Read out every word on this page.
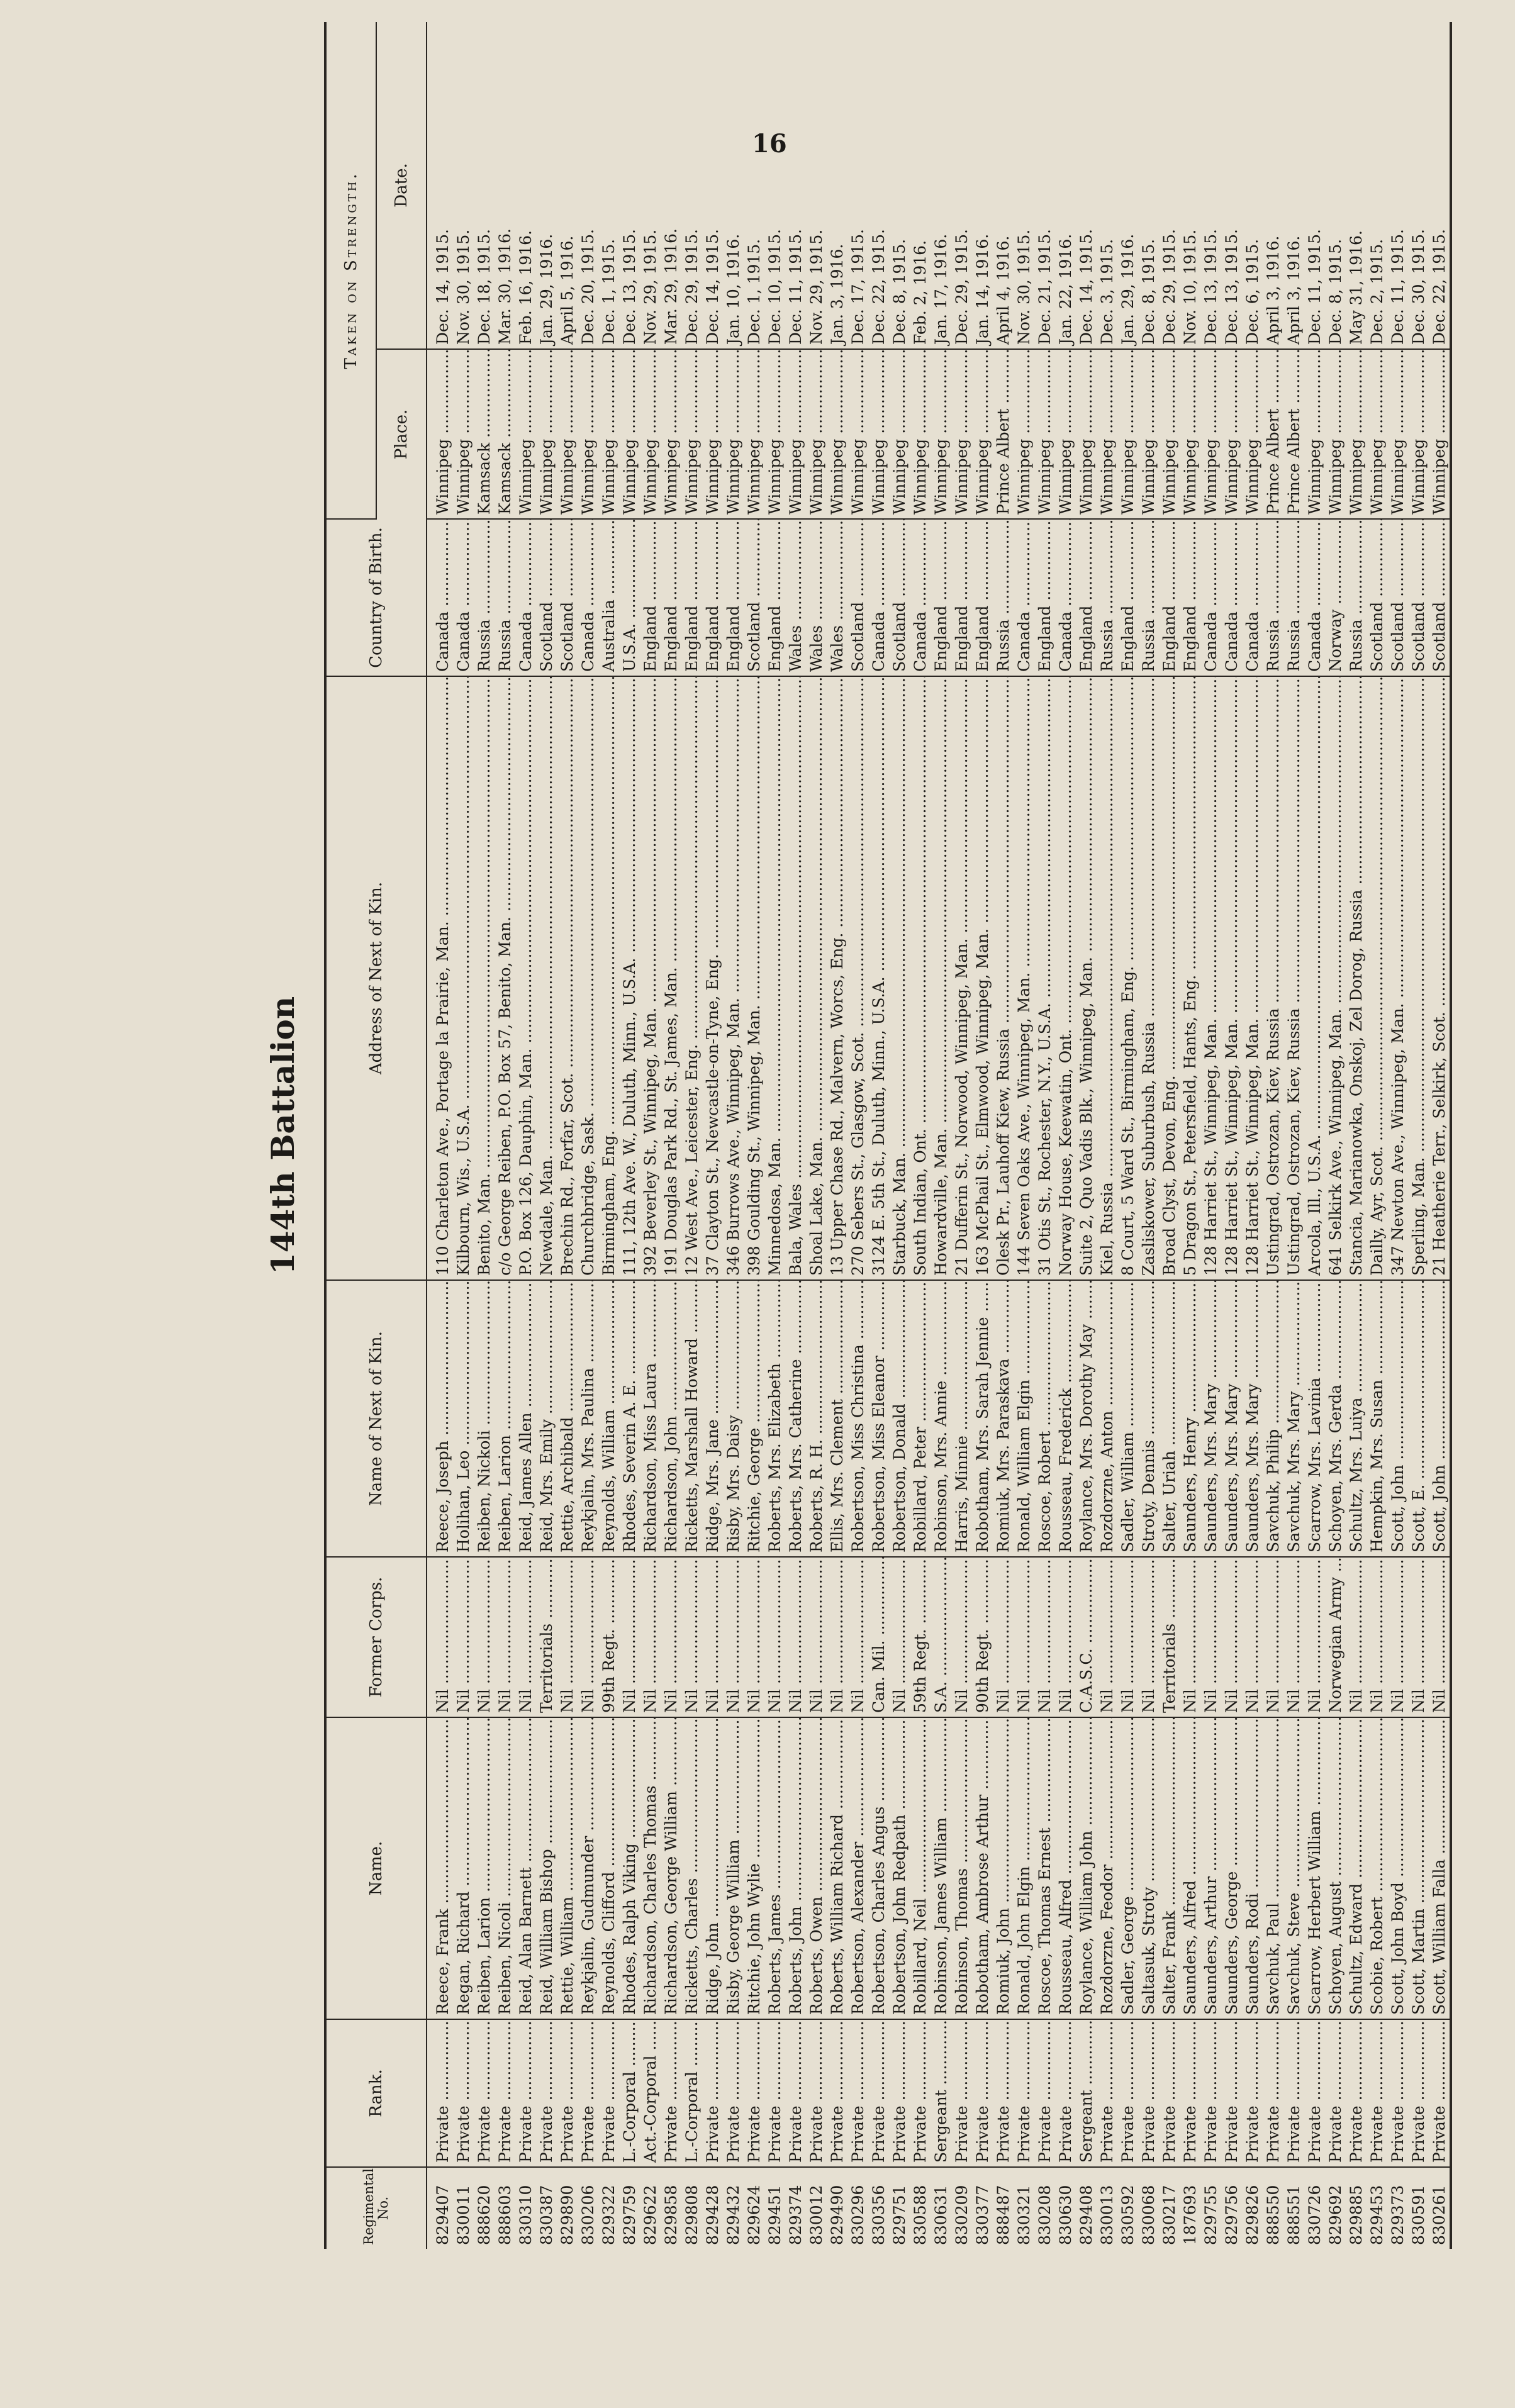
16
144th Battalion
Regimental No.	Rank.	Name.	Former Corps.	Name of Next of Kin.	Address of Next of Kin.	Country of Birth.	Taken on Strength.	
							Place.	Date.
829407	Private .....	Reece, Frank .....	Nil .....	Reece, Joseph .....	110 Charleton Ave., Portage la Prairie, Man. .....	Canada .....	Winnipeg .....	Dec. 14, 1915.
830011	Private .....	Regan, Richard .....	Nil .....	Holihan, Leo .....	Kilbourn, Wis., U.S.A. .....	Canada .....	Winnipeg .....	Nov. 30, 1915.
888620	Private .....	Reiben, Larion .....	Nil .....	Reiben, Nickoli .....	Benito, Man. .....	Russia .....	Kamsack .....	Dec. 18, 1915.
888603	Private .....	Reiben, Nicoli .....	Nil .....	Reiben, Larion .....	c/o George Reiben, P.O. Box 57, Benito, Man. .....	Russia .....	Kamsack .....	Mar. 30, 1916.
830310	Private .....	Reid, Alan Barnett .....	Nil .....	Reid, James Allen .....	P.O. Box 126, Dauphin, Man. .....	Canada .....	Winnipeg .....	Feb. 16, 1916.
830387	Private .....	Reid, William Bishop .....	Territorials .....	Reid, Mrs. Emily .....	Newdale, Man. .....	Scotland .....	Winnipeg .....	Jan. 29, 1916.
829890	Private .....	Rettie, William .....	Nil .....	Rettie, Archibald .....	Brechin Rd., Forfar, Scot. .....	Scotland .....	Winnipeg .....	April 5, 1916.
830206	Private .....	Reykjalin, Gudmunder .....	Nil .....	Reykjalin, Mrs. Paulina .....	Churchbridge, Sask. .....	Canada .....	Winnipeg .....	Dec. 20, 1915.
829322	Private .....	Reynolds, Clifford .....	99th Regt. .....	Reynolds, William .....	Birmingham, Eng. .....	Australia .....	Winnipeg .....	Dec. 1, 1915.
829759	L.-Corporal .....	Rhodes, Ralph Viking .....	Nil .....	Rhodes, Severin A. E. .....	111, 12th Ave. W., Duluth, Minn., U.S.A. .....	U.S.A. .....	Winnipeg .....	Dec. 13, 1915.
829622	Act.-Corporal .....	Richardson, Charles Thomas .....	Nil .....	Richardson, Miss Laura .....	392 Beverley St., Winnipeg, Man. .....	England .....	Winnipeg .....	Nov. 29, 1915.
829858	Private .....	Richardson, George William .....	Nil .....	Richardson, John .....	191 Douglas Park Rd., St. James, Man. .....	England .....	Winnipeg .....	Mar. 29, 1916.
829808	L.-Corporal .....	Ricketts, Charles .....	Nil .....	Ricketts, Marshall Howard .....	12 West Ave., Leicester, Eng. .....	England .....	Winnipeg .....	Dec. 29, 1915.
829428	Private .....	Ridge, John .....	Nil .....	Ridge, Mrs. Jane .....	37 Clayton St., Newcastle-on-Tyne, Eng. .....	England .....	Winnipeg .....	Dec. 14, 1915.
829432	Private .....	Risby, George William .....	Nil .....	Risby, Mrs. Daisy .....	346 Burrows Ave., Winnipeg, Man. .....	England .....	Winnipeg .....	Jan. 10, 1916.
829624	Private .....	Ritchie, John Wylie .....	Nil .....	Ritchie, George .....	398 Goulding St., Winnipeg, Man. .....	Scotland .....	Winnipeg .....	Dec. 1, 1915.
829451	Private .....	Roberts, James .....	Nil .....	Roberts, Mrs. Elizabeth .....	Minnedosa, Man. .....	England .....	Winnipeg .....	Dec. 10, 1915.
829374	Private .....	Roberts, John .....	Nil .....	Roberts, Mrs. Catherine .....	Bala, Wales .....	Wales .....	Winnipeg .....	Dec. 11, 1915.
830012	Private .....	Roberts, Owen .....	Nil .....	Roberts, R. H. .....	Shoal Lake, Man. .....	Wales .....	Winnipeg .....	Nov. 29, 1915.
829490	Private .....	Roberts, William Richard .....	Nil .....	Ellis, Mrs. Clement .....	13 Upper Chase Rd., Malvern, Worcs, Eng. .....	Wales .....	Winnipeg .....	Jan. 3, 1916.
830296	Private .....	Robertson, Alexander .....	Nil .....	Robertson, Miss Christina .....	270 Sebers St., Glasgow, Scot. .....	Scotland .....	Winnipeg .....	Dec. 17, 1915.
830356	Private .....	Robertson, Charles Angus .....	Can. Mil. .....	Robertson, Miss Eleanor .....	3124 E. 5th St., Duluth, Minn., U.S.A. .....	Canada .....	Winnipeg .....	Dec. 22, 1915.
829751	Private .....	Robertson, John Redpath .....	Nil .....	Robertson, Donald .....	Starbuck, Man. .....	Scotland .....	Winnipeg .....	Dec. 8, 1915.
830588	Private .....	Robillard, Neil .....	59th Regt. .....	Robillard, Peter .....	South Indian, Ont. .....	Canada .....	Winnipeg .....	Feb. 2, 1916.
830631	Sergeant .....	Robinson, James William .....	S.A. .....	Robinson, Mrs. Annie .....	Howardville, Man. .....	England .....	Winnipeg .....	Jan. 17, 1916.
830209	Private .....	Robinson, Thomas .....	Nil .....	Harris, Minnie .....	21 Dufferin St., Norwood, Winnipeg, Man. .....	England .....	Winnipeg .....	Dec. 29, 1915.
830377	Private .....	Robotham, Ambrose Arthur .....	90th Regt. .....	Robotham, Mrs. Sarah Jennie .....	163 McPhail St., Elmwood, Winnipeg, Man. .....	England .....	Winnipeg .....	Jan. 14, 1916.
888487	Private .....	Romiuk, John .....	Nil .....	Romiuk, Mrs. Paraskava .....	Olesk Pr., Lauhoff Kiew, Russia .....	Russia .....	Prince Albert .....	April 4, 1916.
830321	Private .....	Ronald, John Elgin .....	Nil .....	Ronald, William Elgin .....	144 Seven Oaks Ave., Winnipeg, Man. .....	Canada .....	Winnipeg .....	Nov. 30, 1915.
830208	Private .....	Roscoe, Thomas Ernest .....	Nil .....	Roscoe, Robert .....	31 Otis St., Rochester, N.Y., U.S.A. .....	England .....	Winnipeg .....	Dec. 21, 1915.
830630	Private .....	Rousseau, Alfred .....	Nil .....	Rousseau, Frederick .....	Norway House, Keewatin, Ont. .....	Canada .....	Winnipeg .....	Jan. 22, 1916.
829408	Sergeant .....	Roylance, William John .....	C.A.S.C. .....	Roylance, Mrs. Dorothy May .....	Suite 2, Quo Vadis Blk., Winnipeg, Man. .....	England .....	Winnipeg .....	Dec. 14, 1915.
830013	Private .....	Rozdorzne, Feodor .....	Nil .....	Rozdorzne, Anton .....	Kiel, Russia .....	Russia .....	Winnipeg .....	Dec. 3, 1915.
830592	Private .....	Sadler, George .....	Nil .....	Sadler, William .....	8 Court, 5 Ward St., Birmingham, Eng. .....	England .....	Winnipeg .....	Jan. 29, 1916.
830068	Private .....	Saltasuk, Stroty .....	Nil .....	Stroty, Dennis .....	Zasliskower, Suburbush, Russia .....	Russia .....	Winnipeg .....	Dec. 8, 1915.
830217	Private .....	Salter, Frank .....	Territorials .....	Salter, Uriah .....	Broad Clyst, Devon, Eng. .....	England .....	Winnipeg .....	Dec. 29, 1915.
187693	Private .....	Saunders, Alfred .....	Nil .....	Saunders, Henry .....	5 Dragon St., Petersfield, Hants, Eng. .....	England .....	Winnipeg .....	Nov. 10, 1915.
829755	Private .....	Saunders, Arthur .....	Nil .....	Saunders, Mrs. Mary .....	128 Harriet St., Winnipeg, Man. .....	Canada .....	Winnipeg .....	Dec. 13, 1915.
829756	Private .....	Saunders, George .....	Nil .....	Saunders, Mrs. Mary .....	128 Harriet St., Winnipeg, Man. .....	Canada .....	Winnipeg .....	Dec. 13, 1915.
829826	Private .....	Saunders, Rodi .....	Nil .....	Saunders, Mrs. Mary .....	128 Harriet St., Winnipeg, Man. .....	Canada .....	Winnipeg .....	Dec. 6, 1915.
888550	Private .....	Savchuk, Paul .....	Nil .....	Savchuk, Philip .....	Ustingrad, Ostrozan, Kiev, Russia .....	Russia .....	Prince Albert .....	April 3, 1916.
888551	Private .....	Savchuk, Steve .....	Nil .....	Savchuk, Mrs. Mary .....	Ustingrad, Ostrozan, Kiev, Russia .....	Russia .....	Prince Albert .....	April 3, 1916.
830726	Private .....	Scarrow, Herbert William .....	Nil .....	Scarrow, Mrs. Lavinia .....	Arcola, Ill., U.S.A. .....	Canada .....	Winnipeg .....	Dec. 11, 1915.
829692	Private .....	Schoyen, August .....	Norwegian Army .....	Schoyen, Mrs. Gerda .....	641 Selkirk Ave., Winnipeg, Man. .....	Norway .....	Winnipeg .....	Dec. 8, 1915.
829885	Private .....	Schultz, Edward .....	Nil .....	Schultz, Mrs. Luiya .....	Stancia, Marianowka, Onskoj, Zel Dorog, Russia .....	Russia .....	Winnipeg .....	May 31, 1916.
829453	Private .....	Scobie, Robert .....	Nil .....	Hempkin, Mrs. Susan .....	Dailly, Ayr, Scot. .....	Scotland .....	Winnipeg .....	Dec. 2, 1915.
829373	Private .....	Scott, John Boyd .....	Nil .....	Scott, John .....	347 Newton Ave., Winnipeg, Man. .....	Scotland .....	Winnipeg .....	Dec. 11, 1915.
830591	Private .....	Scott, Martin .....	Nil .....	Scott, E. .....	Sperling, Man. .....	Scotland .....	Winnipeg .....	Dec. 30, 1915.
830261	Private .....	Scott, William Falla .....	Nil .....	Scott, John .....	21 Heatherie Terr., Selkirk, Scot. .....	Scotland .....	Winnipeg .....	Dec. 22, 1915.
